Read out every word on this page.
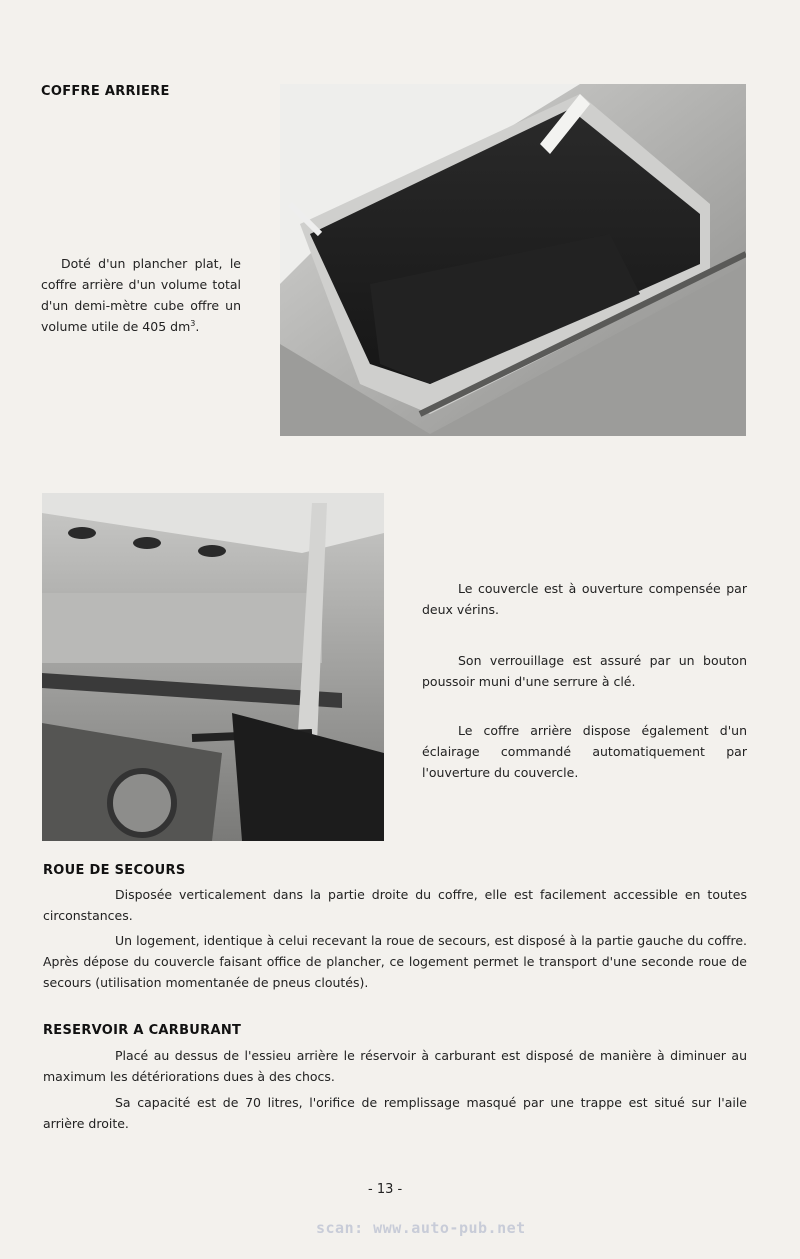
COFFRE ARRIERE
Doté d'un plancher plat, le coffre arrière d'un volume total d'un demi-mètre cube offre un volume utile de 405 $dm^3$.
Le couvercle est à ouverture compensée par deux vérins.
Son verrouillage est assuré par un bouton poussoir muni d'une serrure à clé.
Le coffre arrière dispose également d'un éclairage commandé automatiquement par l'ouverture du couvercle.
ROUE DE SECOURS
Disposée verticalement dans la partie droite du coffre, elle est facilement accessible en toutes circonstances.
Un logement, identique à celui recevant la roue de secours, est disposé à la partie gauche du coffre. Après dépose du couvercle faisant office de plancher, ce logement permet le transport d'une seconde roue de secours (utilisation momentanée de pneus cloutés).
RESERVOIR A CARBURANT
Placé au dessus de l'essieu arrière le réservoir à carburant est disposé de manière à diminuer au maximum les détériorations dues à des chocs.
Sa capacité est de 70 litres, l'orifice de remplissage masqué par une trappe est situé sur l'aile arrière droite.
- 13 -
scan: www.auto-pub.net
